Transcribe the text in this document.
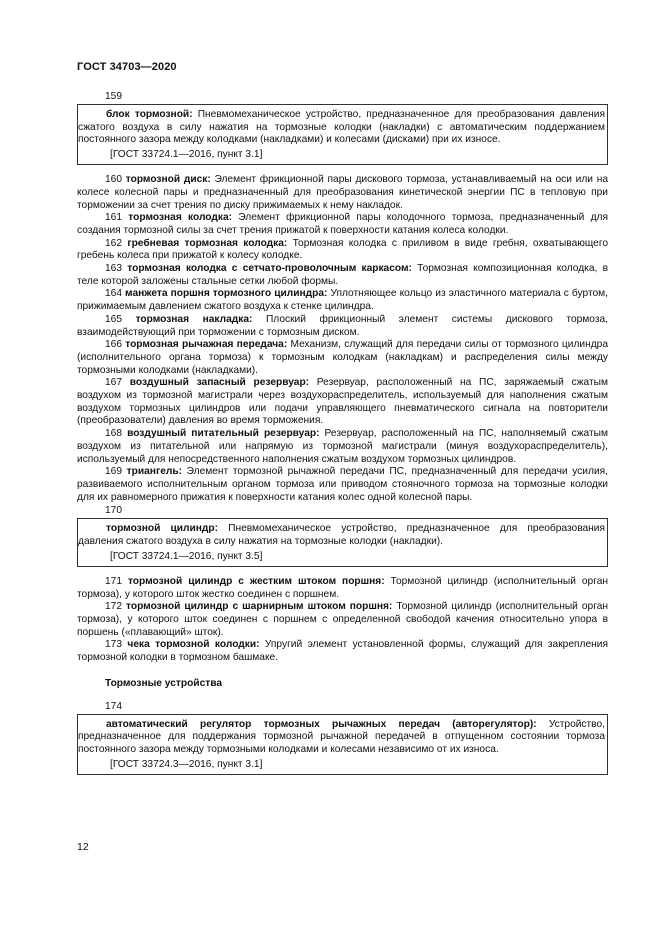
ГОСТ 34703—2020
159

блок тормозной: Пневмомеханическое устройство, предназначенное для преобразования давления сжатого воздуха в силу нажатия на тормозные колодки (накладки) с автоматическим поддержанием постоянного зазора между колодками (накладками) и колесами (дисками) при их износе.

[ГОСТ 33724.1—2016, пункт 3.1]

160 тормозной диск: Элемент фрикционной пары дискового тормоза, устанавливаемый на оси или на колесе колесной пары и предназначенный для преобразования кинетической энергии ПС в тепловую при торможении за счет трения по диску прижимаемых к нему накладок.

161 тормозная колодка: Элемент фрикционной пары колодочного тормоза, предназначенный для создания тормозной силы за счет трения прижатой к поверхности катания колеса колодки.

162 гребневая тормозная колодка: Тормозная колодка с приливом в виде гребня, охватывающего гребень колеса при прижатой к колесу колодке.

163 тормозная колодка с сетчато-проволочным каркасом: Тормозная композиционная колодка, в теле которой заложены стальные сетки любой формы.

164 манжета поршня тормозного цилиндра: Уплотняющее кольцо из эластичного материала с буртом, прижимаемым давлением сжатого воздуха к стенке цилиндра.

165 тормозная накладка: Плоский фрикционный элемент системы дискового тормоза, взаимодействующий при торможении с тормозным диском.

166 тормозная рычажная передача: Механизм, служащий для передачи силы от тормозного цилиндра (исполнительного органа тормоза) к тормозным колодкам (накладкам) и распределения силы между тормозными колодками (накладками).

167 воздушный запасный резервуар: Резервуар, расположенный на ПС, заряжаемый сжатым воздухом из тормозной магистрали через воздухораспределитель, используемый для наполнения сжатым воздухом тормозных цилиндров или подачи управляющего пневматического сигнала на повторители (преобразователи) давления во время торможения.

168 воздушный питательный резервуар: Резервуар, расположенный на ПС, наполняемый сжатым воздухом из питательной или напрямую из тормозной магистрали (минуя воздухораспределитель), используемый для непосредственного наполнения сжатым воздухом тормозных цилиндров.

169 триангель: Элемент тормозной рычажной передачи ПС, предназначенный для передачи усилия, развиваемого исполнительным органом тормоза или приводом стояночного тормоза на тормозные колодки для их равномерного прижатия к поверхности катания колес одной колесной пары.

170

тормозной цилиндр: Пневмомеханическое устройство, предназначенное для преобразования давления сжатого воздуха в силу нажатия на тормозные колодки (накладки).

[ГОСТ 33724.1—2016, пункт 3.5]

171 тормозной цилиндр с жестким штоком поршня: Тормозной цилиндр (исполнительный орган тормоза), у которого шток жестко соединен с поршнем.

172 тормозной цилиндр с шарнирным штоком поршня: Тормозной цилиндр (исполнительный орган тормоза), у которого шток соединен с поршнем с определенной свободой качения относительно упора в поршень («плавающий» шток).

173 чека тормозной колодки: Упругий элемент установленной формы, служащий для закрепления тормозной колодки в тормозном башмаке.

Тормозные устройства
174

автоматический регулятор тормозных рычажных передач (авторегулятор): Устройство, предназначенное для поддержания тормозной рычажной передачей в отпущенном состоянии тормоза постоянного зазора между тормозными колодками и колесами независимо от их износа.

[ГОСТ 33724.3—2016, пункт 3.1]
12
